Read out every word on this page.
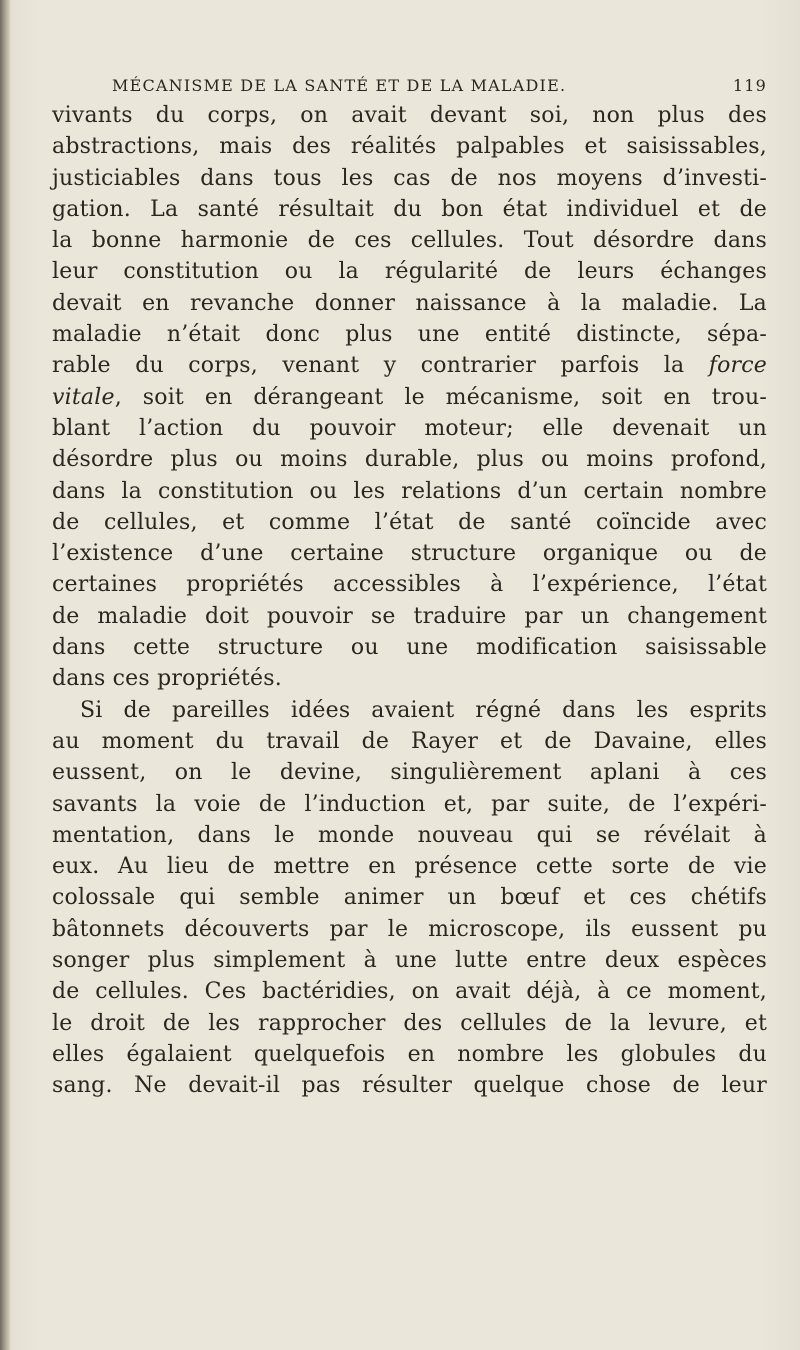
MÉCANISME DE LA SANTÉ ET DE LA MALADIE.	119
vivants du corps, on avait devant soi, non plus des
abstractions, mais des réalités palpables et saisissables,
justiciables dans tous les cas de nos moyens d’investi-
gation. La santé résultait du bon état individuel et de
la bonne harmonie de ces cellules. Tout désordre dans
leur constitution ou la régularité de leurs échanges
devait en revanche donner naissance à la maladie. La
maladie n’était donc plus une entité distincte, sépa-
rable du corps, venant y contrarier parfois la force
vitale, soit en dérangeant le mécanisme, soit en trou-
blant l’action du pouvoir moteur; elle devenait un
désordre plus ou moins durable, plus ou moins profond,
dans la constitution ou les relations d’un certain nombre
de cellules, et comme l’état de santé coïncide avec
l’existence d’une certaine structure organique ou de
certaines propriétés accessibles à l’expérience, l’état
de maladie doit pouvoir se traduire par un changement
dans cette structure ou une modification saisissable
dans ces propriétés.
Si de pareilles idées avaient régné dans les esprits
au moment du travail de Rayer et de Davaine, elles
eussent, on le devine, singulièrement aplani à ces
savants la voie de l’induction et, par suite, de l’expéri-
mentation, dans le monde nouveau qui se révélait à
eux. Au lieu de mettre en présence cette sorte de vie
colossale qui semble animer un bœuf et ces chétifs
bâtonnets découverts par le microscope, ils eussent pu
songer plus simplement à une lutte entre deux espèces
de cellules. Ces bactéridies, on avait déjà, à ce moment,
le droit de les rapprocher des cellules de la levure, et
elles égalaient quelquefois en nombre les globules du
sang. Ne devait-il pas résulter quelque chose de leur
